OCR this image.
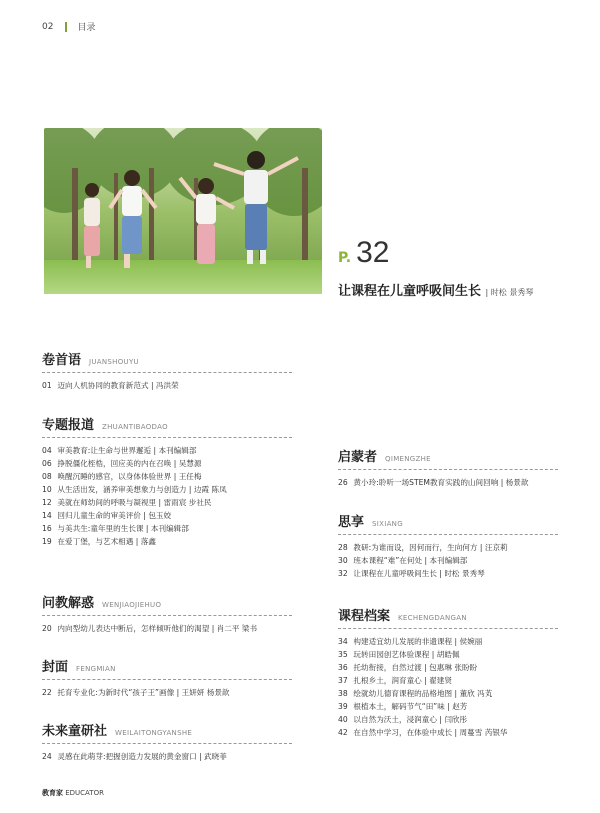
02	目录
P. 32
让课程在儿童呼吸间生长 | 时松 景秀琴
卷首语 JUANSHOUYU
01 迈向人机协同的教育新范式 | 冯洪荣
专题报道 ZHUANTIBAODAO
04 审美教育:让生命与世界邂逅 | 本刊编辑部
06 挣脱僵化桎梏，回应美的内在召唤 | 吴慧源
08 唤醒沉睡的感官，以身体体验世界 | 王任梅
10 从生活出发，涵养审美想象力与创造力 | 边霞 陈凤
12 美就在师幼间的呼吸与凝视里 | 雷雨宸 步社民
14 回归儿童生命的审美评价 | 包玉姣
16 与美共生:童年里的生长课 | 本刊编辑部
19 在爱丁堡，与艺术相遇 | 落鑫
问教解惑 WENJIAOJIEHUO
20 内向型幼儿表达中断后，怎样倾听他们的渴望 | 肖二平 梁书
封面 FENGMIAN
22 托育专业化:为新时代“孩子王”画像 | 王妍妍 杨景歆
未来童研社 WEILAITONGYANSHE
24 灵感在此萌芽:把握创造力发展的黄金窗口 | 武晓菲
启蒙者 QIMENGZHE
26 黄小玲:聆听一场STEM教育实践的山间回响 | 杨景歆
思享 SIXIANG
28 教研:为谁而设，因何而行，生向何方 | 汪京莉
30 班本课程“难”在何处 | 本刊编辑部
32 让课程在儿童呼吸间生长 | 时松 景秀琴
课程档案 KECHENGDANGAN
34 构建适宜幼儿发展的非遗课程 | 侯婉丽
35 玩转田园创艺体验课程 | 胡皓佩
36 托幼衔接，自然过渡 | 包惠琳 张盼盼
37 扎根乡土，润育童心 | 翟建贤
38 绘就幼儿德育课程的品格地图 | 董欣 冯芄
39 根植本土，解码节气“田”味 | 赵芳
40 以自然为沃土，浸润童心 | 闫欣彤
42 在自然中学习，在体验中成长 | 周蔓雪 芮银华
教育家 EDUCATOR
